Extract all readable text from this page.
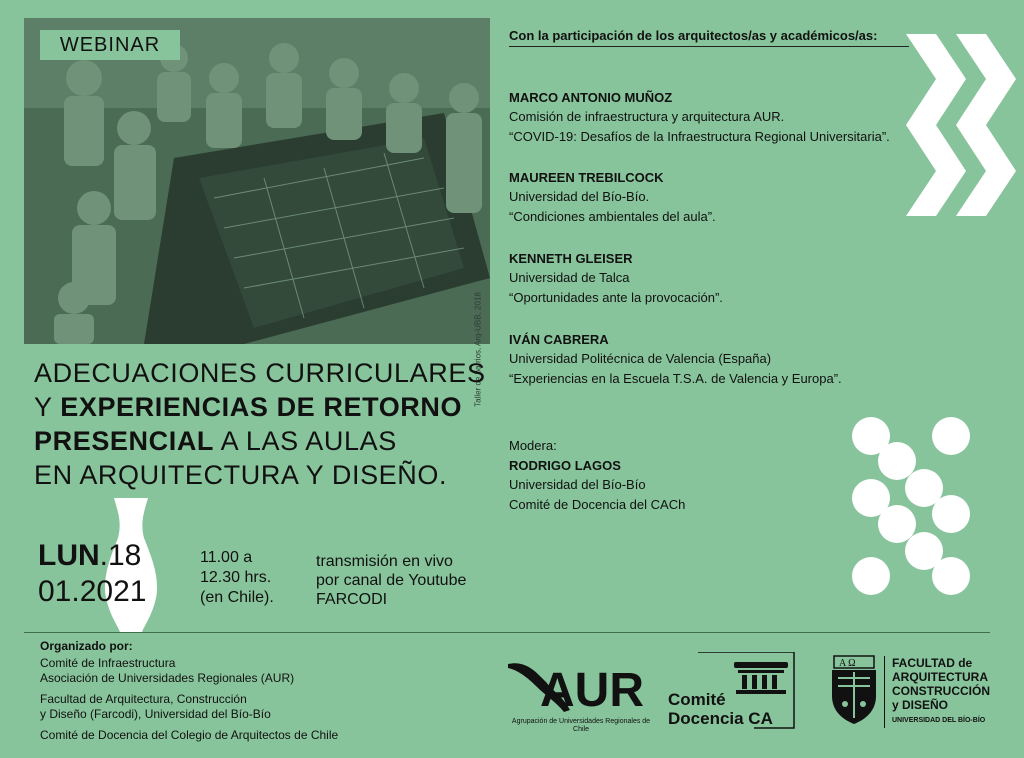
WEBINAR
Taller de barrios, Arq-UBB, 2018
ADECUACIONES CURRICULARES
Y EXPERIENCIAS DE RETORNO
PRESENCIAL A LAS AULAS
EN ARQUITECTURA Y DISEÑO.
LUN.18
01.2021
11.00 a
12.30 hrs.
(en Chile).
transmisión en vivo
por canal de Youtube
FARCODI
Con la participación de los arquitectos/as y académicos/as:
MARCO ANTONIO MUÑOZ
Comisión de infraestructura y arquitectura AUR.
“COVID-19: Desafíos de la Infraestructura Regional Universitaria”.
MAUREEN TREBILCOCK
Universidad del Bío-Bío.
“Condiciones ambientales del aula”.
KENNETH GLEISER
Universidad de Talca
“Oportunidades ante la provocación”.
IVÁN CABRERA
Universidad Politécnica de Valencia (España)
“Experiencias en la Escuela T.S.A. de Valencia y Europa”.
Modera:
RODRIGO LAGOS
Universidad del Bío-Bío
Comité de Docencia del CACh
Organizado por:
Comité de Infraestructura
Asociación de Universidades Regionales (AUR)
Facultad de Arquitectura, Construcción
y Diseño (Farcodi), Universidad del Bío-Bío
Comité de Docencia del Colegio de Arquitectos de Chile
AUR
Agrupación de Universidades Regionales de Chile
Comité
Docencia CA
A Ω	FACULTAD de
ARQUITECTURA
CONSTRUCCIÓN
y DISEÑO
UNIVERSIDAD DEL BÍO-BÍO
